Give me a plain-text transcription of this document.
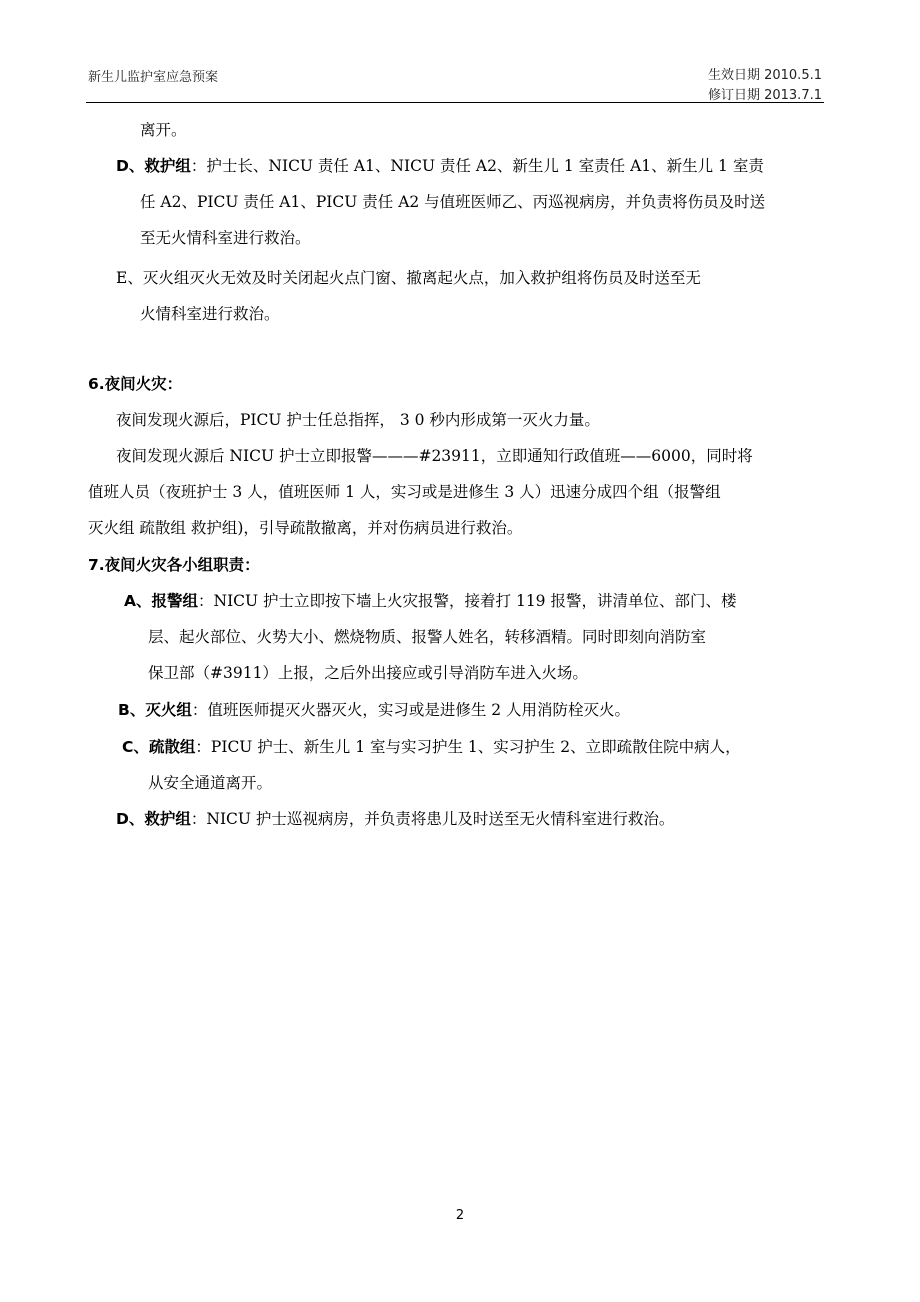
新生儿监护室应急预案	生效日期 2010.5.1
修订日期 2013.7.1
离开。
D、救护组：护士长、NICU 责任 A1、NICU 责任 A2、新生儿 1 室责任 A1、新生儿 1 室责
任 A2、PICU 责任 A1、PICU 责任 A2 与值班医师乙、丙巡视病房，并负责将伤员及时送
至无火情科室进行救治。
E、灭火组灭火无效及时关闭起火点门窗、撤离起火点，加入救护组将伤员及时送至无
火情科室进行救治。
6.夜间火灾：
夜间发现火源后，PICU 护士任总指挥， 3 0 秒内形成第一灭火力量。
夜间发现火源后 NICU 护士立即报警———#23911，立即通知行政值班——6000，同时将
值班人员（夜班护士 3 人，值班医师 1 人，实习或是进修生 3 人）迅速分成四个组（报警组
灭火组 疏散组 救护组)，引导疏散撤离，并对伤病员进行救治。
7.夜间火灾各小组职责：
A、报警组：NICU 护士立即按下墙上火灾报警，接着打 119 报警，讲清单位、部门、楼
层、起火部位、火势大小、燃烧物质、报警人姓名，转移酒精。同时即刻向消防室
保卫部（#3911）上报，之后外出接应或引导消防车进入火场。
B、灭火组：值班医师提灭火器灭火，实习或是进修生 2 人用消防栓灭火。
C、疏散组：PICU 护士、新生儿 1 室与实习护生 1、实习护生 2、立即疏散住院中病人，
从安全通道离开。
D、救护组：NICU 护士巡视病房，并负责将患儿及时送至无火情科室进行救治。
2
